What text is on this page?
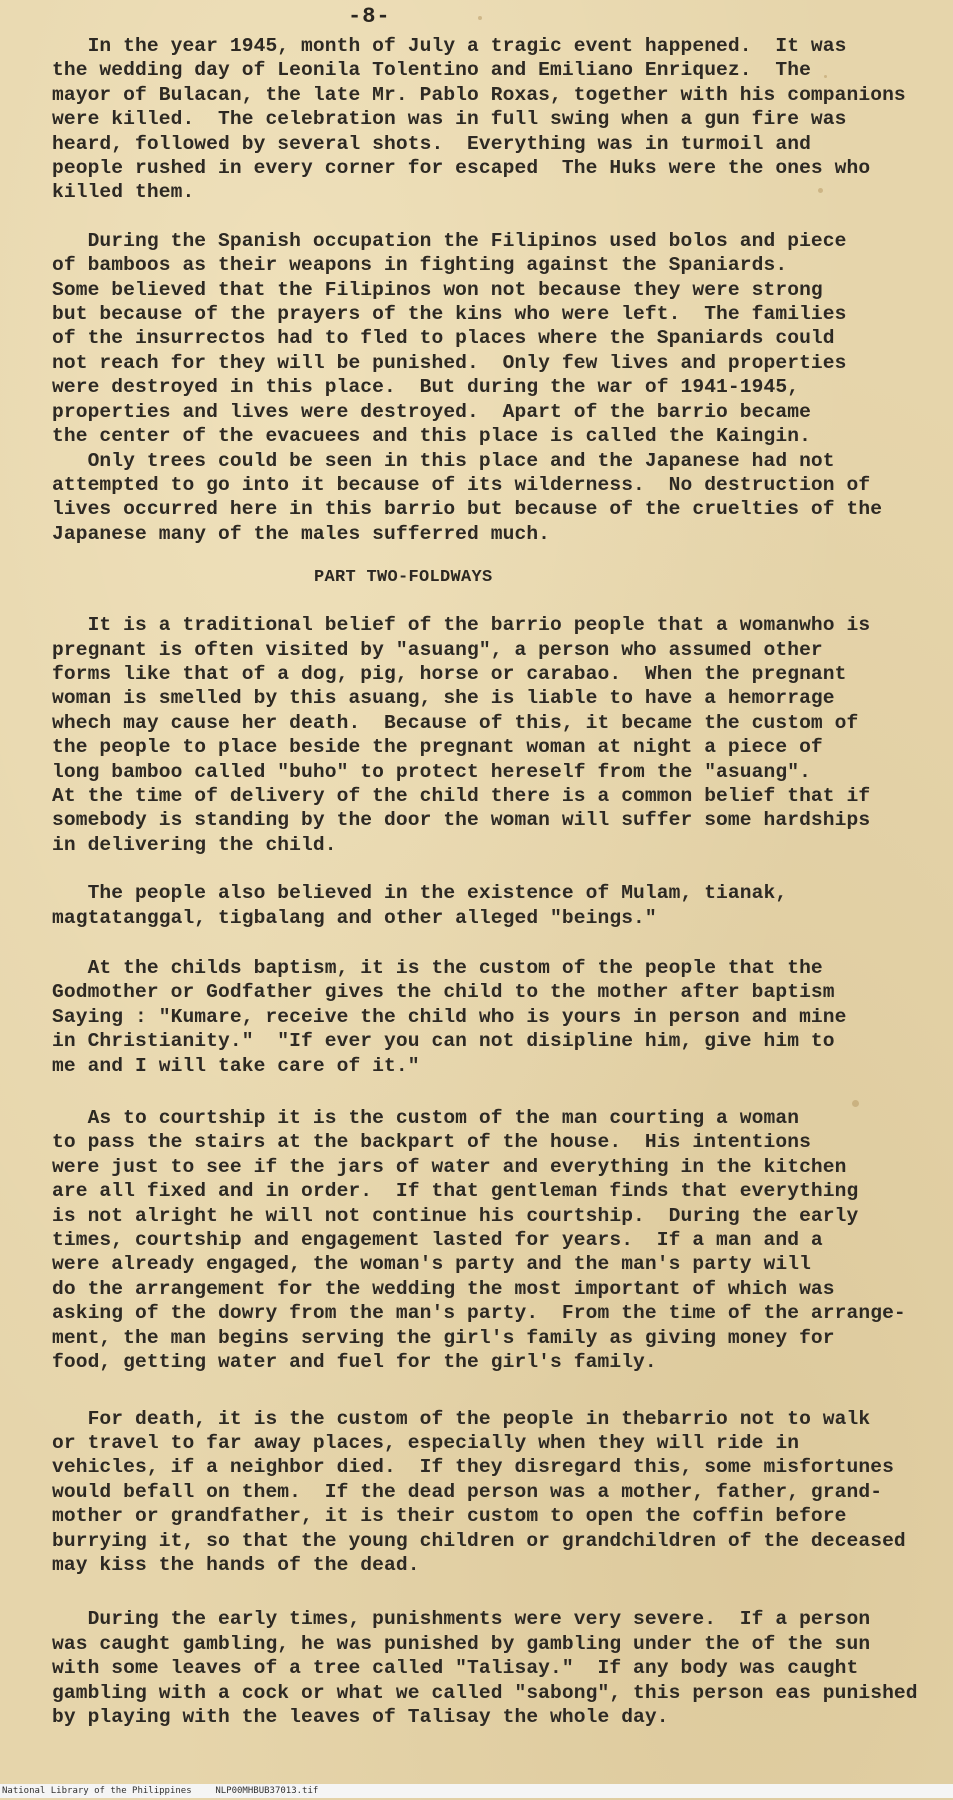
-8-

In the year 1945, month of July a tragic event happened.  It was
the wedding day of Leonila Tolentino and Emiliano Enriquez.  The
mayor of Bulacan, the late Mr. Pablo Roxas, together with his companions
were killed.  The celebration was in full swing when a gun fire was
heard, followed by several shots.  Everything was in turmoil and
people rushed in every corner for escaped  The Huks were the ones who
killed them.

During the Spanish occupation the Filipinos used bolos and piece
of bamboos as their weapons in fighting against the Spaniards.
Some believed that the Filipinos won not because they were strong
but because of the prayers of the kins who were left.  The families
of the insurrectos had to fled to places where the Spaniards could
not reach for they will be punished.  Only few lives and properties
were destroyed in this place.  But during the war of 1941-1945,
properties and lives were destroyed.  Apart of the barrio became
the center of the evacuees and this place is called the Kaingin.

Only trees could be seen in this place and the Japanese had not
attempted to go into it because of its wilderness.  No destruction of
lives occurred here in this barrio but because of the cruelties of the
Japanese many of the males sufferred much.

PART TWO-FOLDWAYS

It is a traditional belief of the barrio people that a womanwho is
pregnant is often visited by "asuang", a person who assumed other
forms like that of a dog, pig, horse or carabao.  When the pregnant
woman is smelled by this asuang, she is liable to have a hemorrage
whech may cause her death.  Because of this, it became the custom of
the people to place beside the pregnant woman at night a piece of
long bamboo called "buho" to protect hereself from the "asuang".
At the time of delivery of the child there is a common belief that if
somebody is standing by the door the woman will suffer some hardships
in delivering the child.

The people also believed in the existence of Mulam, tianak,
magtatanggal, tigbalang and other alleged "beings."

At the childs baptism, it is the custom of the people that the
Godmother or Godfather gives the child to the mother after baptism
Saying : "Kumare, receive the child who is yours in person and mine
in Christianity."  "If ever you can not disipline him, give him to
me and I will take care of it."

As to courtship it is the custom of the man courting a woman
to pass the stairs at the backpart of the house.  His intentions
were just to see if the jars of water and everything in the kitchen
are all fixed and in order.  If that gentleman finds that everything
is not alright he will not continue his courtship.  During the early
times, courtship and engagement lasted for years.  If a man and a
were already engaged, the woman's party and the man's party will
do the arrangement for the wedding the most important of which was
asking of the dowry from the man's party.  From the time of the arrange-
ment, the man begins serving the girl's family as giving money for
food, getting water and fuel for the girl's family.

For death, it is the custom of the people in thebarrio not to walk
or travel to far away places, especially when they will ride in
vehicles, if a neighbor died.  If they disregard this, some misfortunes
would befall on them.  If the dead person was a mother, father, grand-
mother or grandfather, it is their custom to open the coffin before
burrying it, so that the young children or grandchildren of the deceased
may kiss the hands of the dead.

During the early times, punishments were very severe.  If a person
was caught gambling, he was punished by gambling under the of the sun
with some leaves of a tree called "Talisay."  If any body was caught
gambling with a cock or what we called "sabong", this person eas punished
by playing with the leaves of Talisay the whole day.

National Library of the Philippines	NLP00MHBUB37013.tif
